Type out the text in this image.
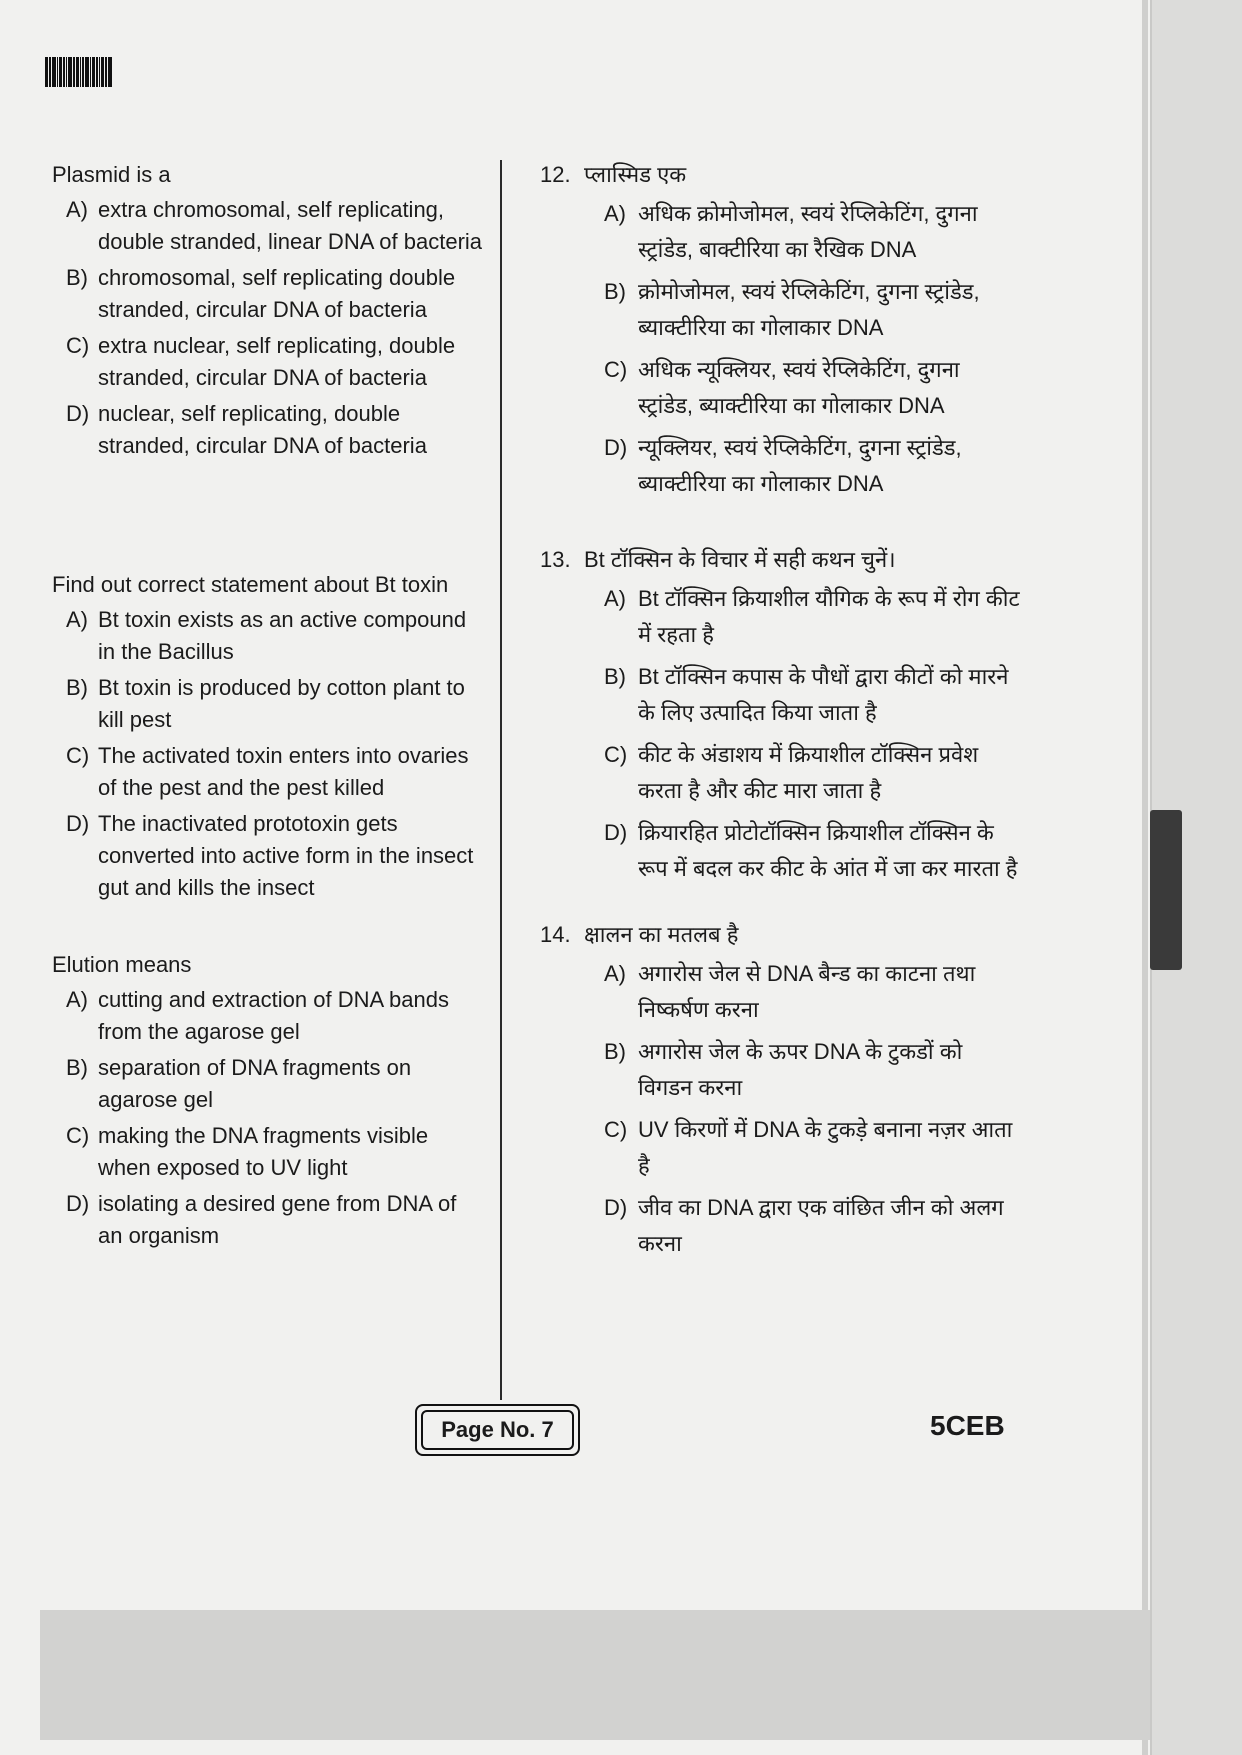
Plasmid is a
A) extra chromosomal, self replicating, double stranded, linear DNA of bacteria
B) chromosomal, self replicating double stranded, circular DNA of bacteria
C) extra nuclear, self replicating, double stranded, circular DNA of bacteria
D) nuclear, self replicating, double stranded, circular DNA of bacteria
Find out correct statement about Bt toxin
A) Bt toxin exists as an active compound in the Bacillus
B) Bt toxin is produced by cotton plant to kill pest
C) The activated toxin enters into ovaries of the pest and the pest killed
D) The inactivated prototoxin gets converted into active form in the insect gut and kills the insect
Elution means
A) cutting and extraction of DNA bands from the agarose gel
B) separation of DNA fragments on agarose gel
C) making the DNA fragments visible when exposed to UV light
D) isolating a desired gene from DNA of an organism
12. प्लास्मिड एक
A) अधिक क्रोमोजोमल, स्वयं रेप्लिकेटिंग, दुगना स्ट्रांडेड, बाक्टीरिया का रैखिक DNA
B) क्रोमोजोमल, स्वयं रेप्लिकेटिंग, दुगना स्ट्रांडेड, ब्याक्टीरिया का गोलाकार DNA
C) अधिक न्यूक्लियर, स्वयं रेप्लिकेटिंग, दुगना स्ट्रांडेड, ब्याक्टीरिया का गोलाकार DNA
D) न्यूक्लियर, स्वयं रेप्लिकेटिंग, दुगना स्ट्रांडेड, ब्याक्टीरिया का गोलाकार DNA
13. Bt टॉक्सिन के विचार में सही कथन चुनें।
A) Bt टॉक्सिन क्रियाशील यौगिक के रूप में रोग कीट में रहता है
B) Bt टॉक्सिन कपास के पौधों द्वारा कीटों को मारने के लिए उत्पादित किया जाता है
C) कीट के अंडाशय में क्रियाशील टॉक्सिन प्रवेश करता है और कीट मारा जाता है
D) क्रियारहित प्रोटोटॉक्सिन क्रियाशील टॉक्सिन के रूप में बदल कर कीट के आंत में जा कर मारता है
14. क्षालन का मतलब है
A) अगारोस जेल से DNA बैन्ड का काटना तथा निष्कर्षण करना
B) अगारोस जेल के ऊपर DNA के टुकडों को विगडन करना
C) UV किरणों में DNA के टुकड़े बनाना नज़र आता है
D) जीव का DNA द्वारा एक वांछित जीन को अलग करना
Page No. 7	5CEB
